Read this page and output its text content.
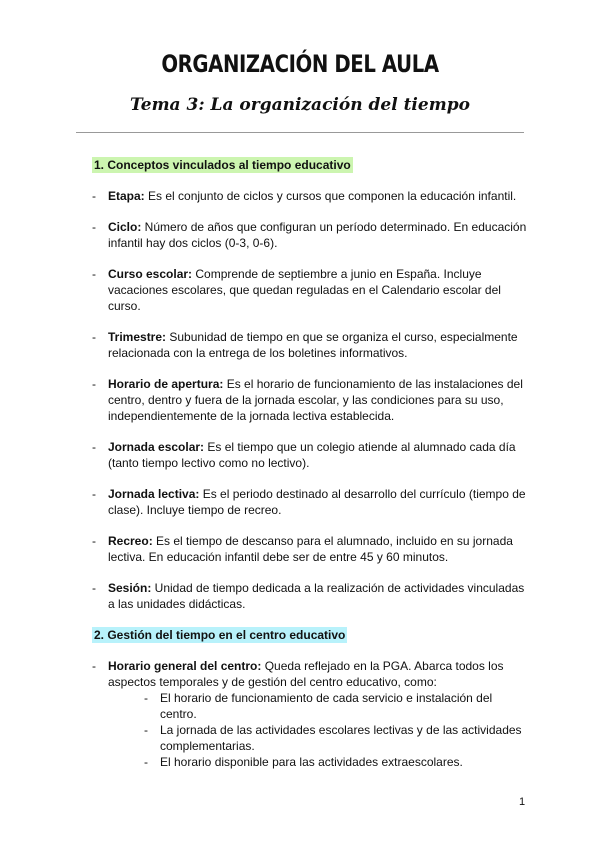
ORGANIZACIÓN DEL AULA
Tema 3: La organización del tiempo
1. Conceptos vinculados al tiempo educativo
- Etapa: Es el conjunto de ciclos y cursos que componen la educación infantil.
- Ciclo: Número de años que configuran un período determinado. En educación infantil hay dos ciclos (0-3, 0-6).
- Curso escolar: Comprende de septiembre a junio en España. Incluye vacaciones escolares, que quedan reguladas en el Calendario escolar del curso.
- Trimestre: Subunidad de tiempo en que se organiza el curso, especialmente relacionada con la entrega de los boletines informativos.
- Horario de apertura: Es el horario de funcionamiento de las instalaciones del centro, dentro y fuera de la jornada escolar, y las condiciones para su uso, independientemente de la jornada lectiva establecida.
- Jornada escolar: Es el tiempo que un colegio atiende al alumnado cada día (tanto tiempo lectivo como no lectivo).
- Jornada lectiva: Es el periodo destinado al desarrollo del currículo (tiempo de clase). Incluye tiempo de recreo.
- Recreo: Es el tiempo de descanso para el alumnado, incluido en su jornada lectiva. En educación infantil debe ser de entre 45 y 60 minutos.
- Sesión: Unidad de tiempo dedicada a la realización de actividades vinculadas a las unidades didácticas.
2. Gestión del tiempo en el centro educativo
- Horario general del centro: Queda reflejado en la PGA. Abarca todos los aspectos temporales y de gestión del centro educativo, como:
- El horario de funcionamiento de cada servicio e instalación del centro.
- La jornada de las actividades escolares lectivas y de las actividades complementarias.
- El horario disponible para las actividades extraescolares.
1
